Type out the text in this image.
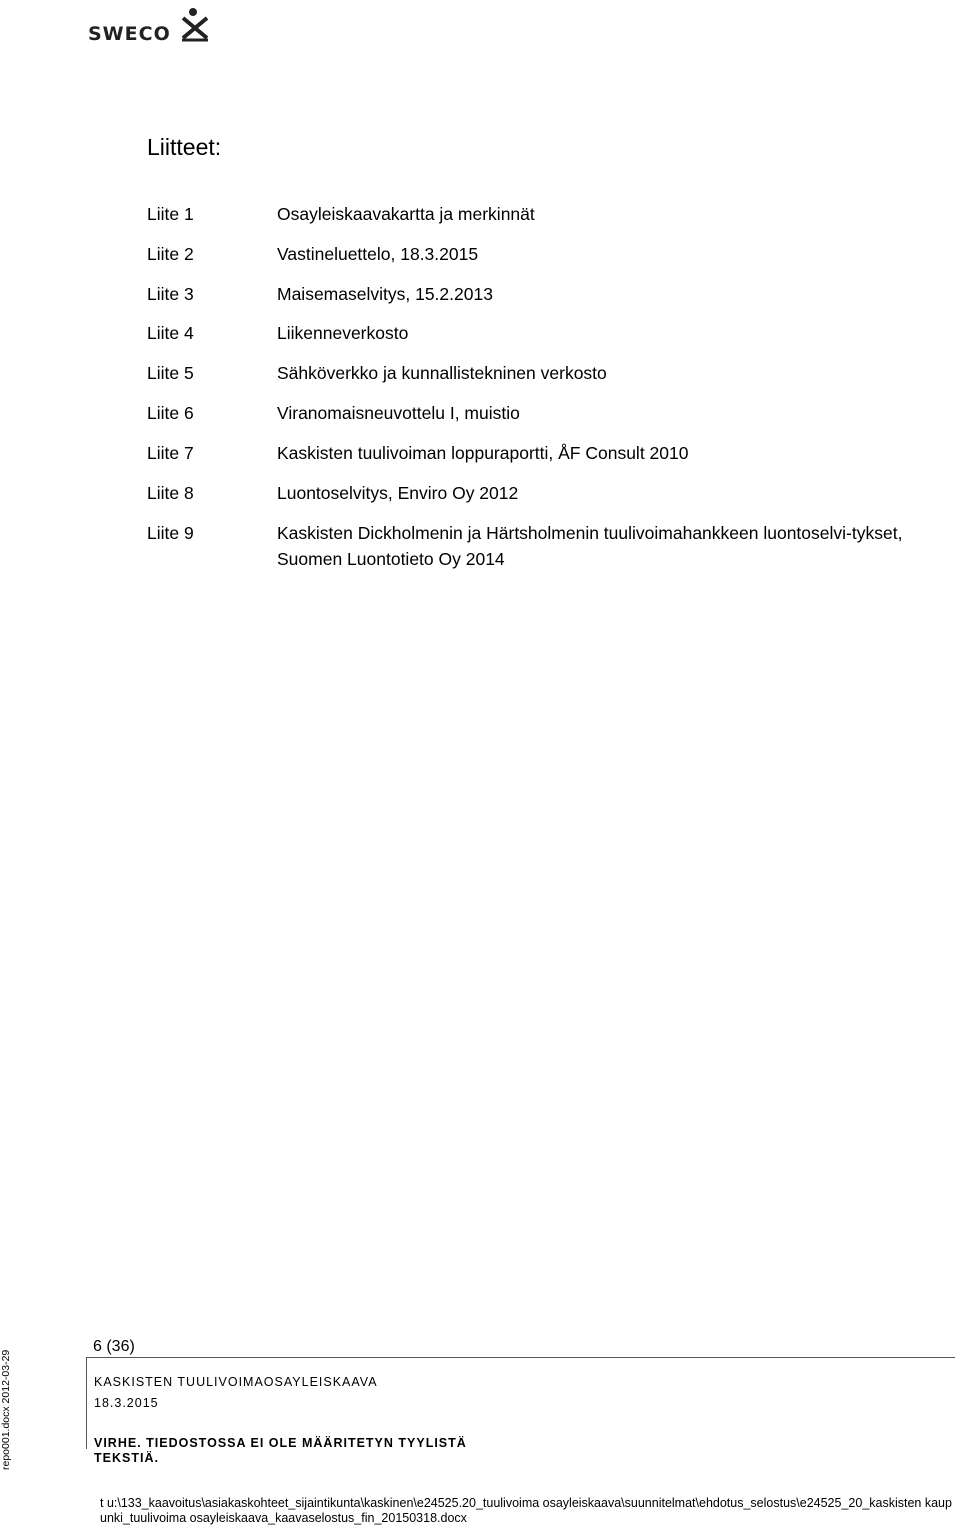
SWECO
Liitteet:
Liite 1	Osayleiskaavakartta ja merkinnät
Liite 2	Vastineluettelo, 18.3.2015
Liite 3	Maisemaselvitys, 15.2.2013
Liite 4	Liikenneverkosto
Liite 5	Sähköverkko ja kunnallistekninen verkosto
Liite 6	Viranomaisneuvottelu I, muistio
Liite 7	Kaskisten tuulivoiman loppuraportti, ÅF Consult 2010
Liite 8	Luontoselvitys, Enviro Oy 2012
Liite 9	Kaskisten Dickholmenin ja Härtsholmenin tuulivoimahankkeen luontoselvi-tykset, Suomen Luontotieto Oy 2014
6 (36)
KASKISTEN TUULIVOIMAOSAYLEISKAAVA
18.3.2015
VIRHE. TIEDOSTOSSA EI OLE MÄÄRITETYN TYYLISTÄ TEKSTIÄ.
repo001.docx 2012-03-29
t u:\133_kaavoitus\asiakaskohteet_sijaintikunta\kaskinen\e24525.20_tuulivoima osayleiskaava\suunnitelmat\ehdotus_selostus\e24525_20_kaskisten kaupunki_tuulivoima osayleiskaava_kaavaselostus_fin_20150318.docx
